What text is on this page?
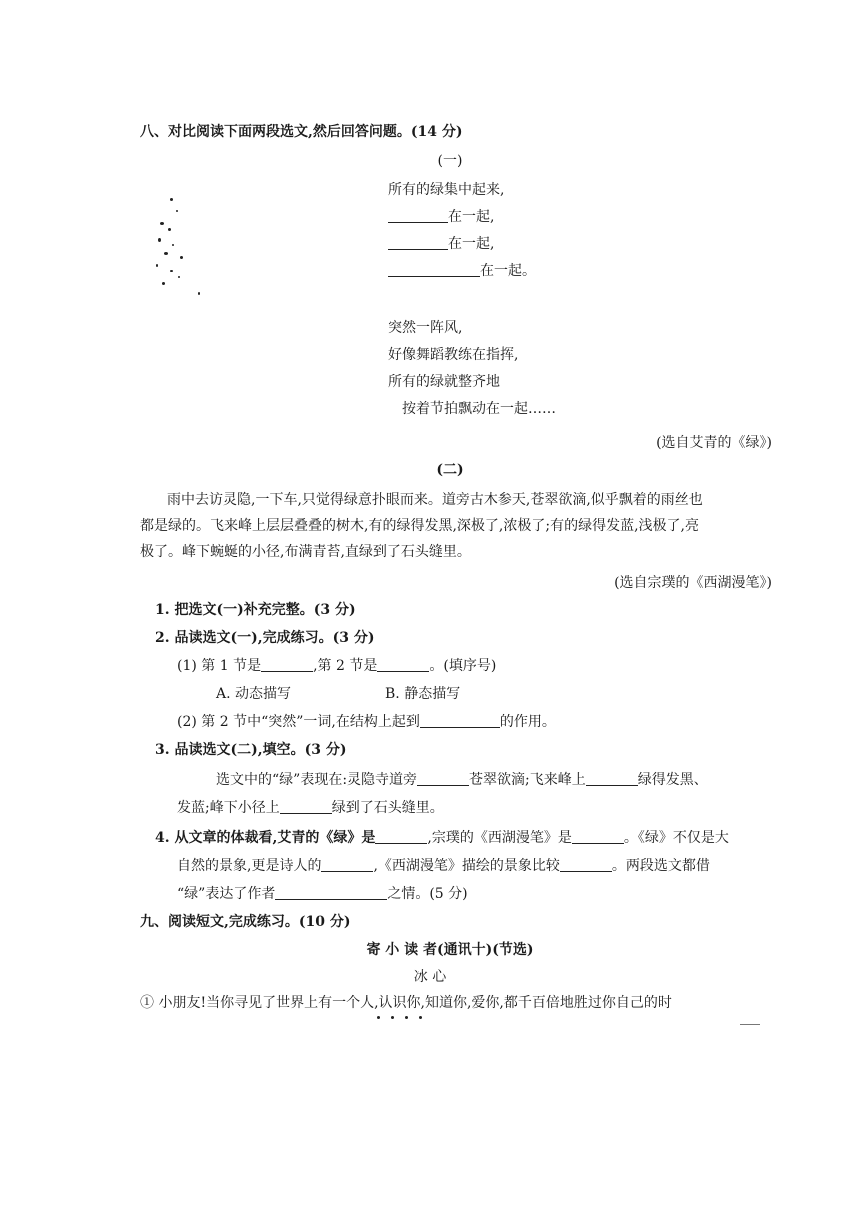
八、对比阅读下面两段选文,然后回答问题。(14 分)
(一)
所有的绿集中起来,
在一起,
在一起,
在一起。
突然一阵风,
好像舞蹈教练在指挥,
所有的绿就整齐地
按着节拍飘动在一起……
(选自艾青的《绿》)
(二)
雨中去访灵隐,一下车,只觉得绿意扑眼而来。道旁古木参天,苍翠欲滴,似乎飘着的雨丝也
都是绿的。飞来峰上层层叠叠的树木,有的绿得发黑,深极了,浓极了;有的绿得发蓝,浅极了,亮
极了。峰下蜿蜒的小径,布满青苔,直绿到了石头缝里。
(选自宗璞的《西湖漫笔》)
1. 把选文(一)补充完整。(3 分)
2. 品读选文(一),完成练习。(3 分)
(1) 第 1 节是	,第 2 节是	。(填序号)
A. 动态描写	B. 静态描写
(2) 第 2 节中“突然”一词,在结构上起到	的作用。
3. 品读选文(二),填空。(3 分)
选文中的“绿”表现在:灵隐寺道旁	苍翠欲滴;飞来峰上	绿得发黑、
发蓝;峰下小径上	绿到了石头缝里。
4. 从文章的体裁看,艾青的《绿》是	,宗璞的《西湖漫笔》是	。《绿》不仅是大
自然的景象,更是诗人的	,《西湖漫笔》描绘的景象比较	。两段选文都借
“绿”表达了作者	之情。(5 分)
九、阅读短文,完成练习。(10 分)
寄 小 读 者(通讯十)(节选)
冰 心
① 小朋友!当你寻见了世界上有一个人,认识你,知道你,爱你,都千百倍地胜过你自己的时
